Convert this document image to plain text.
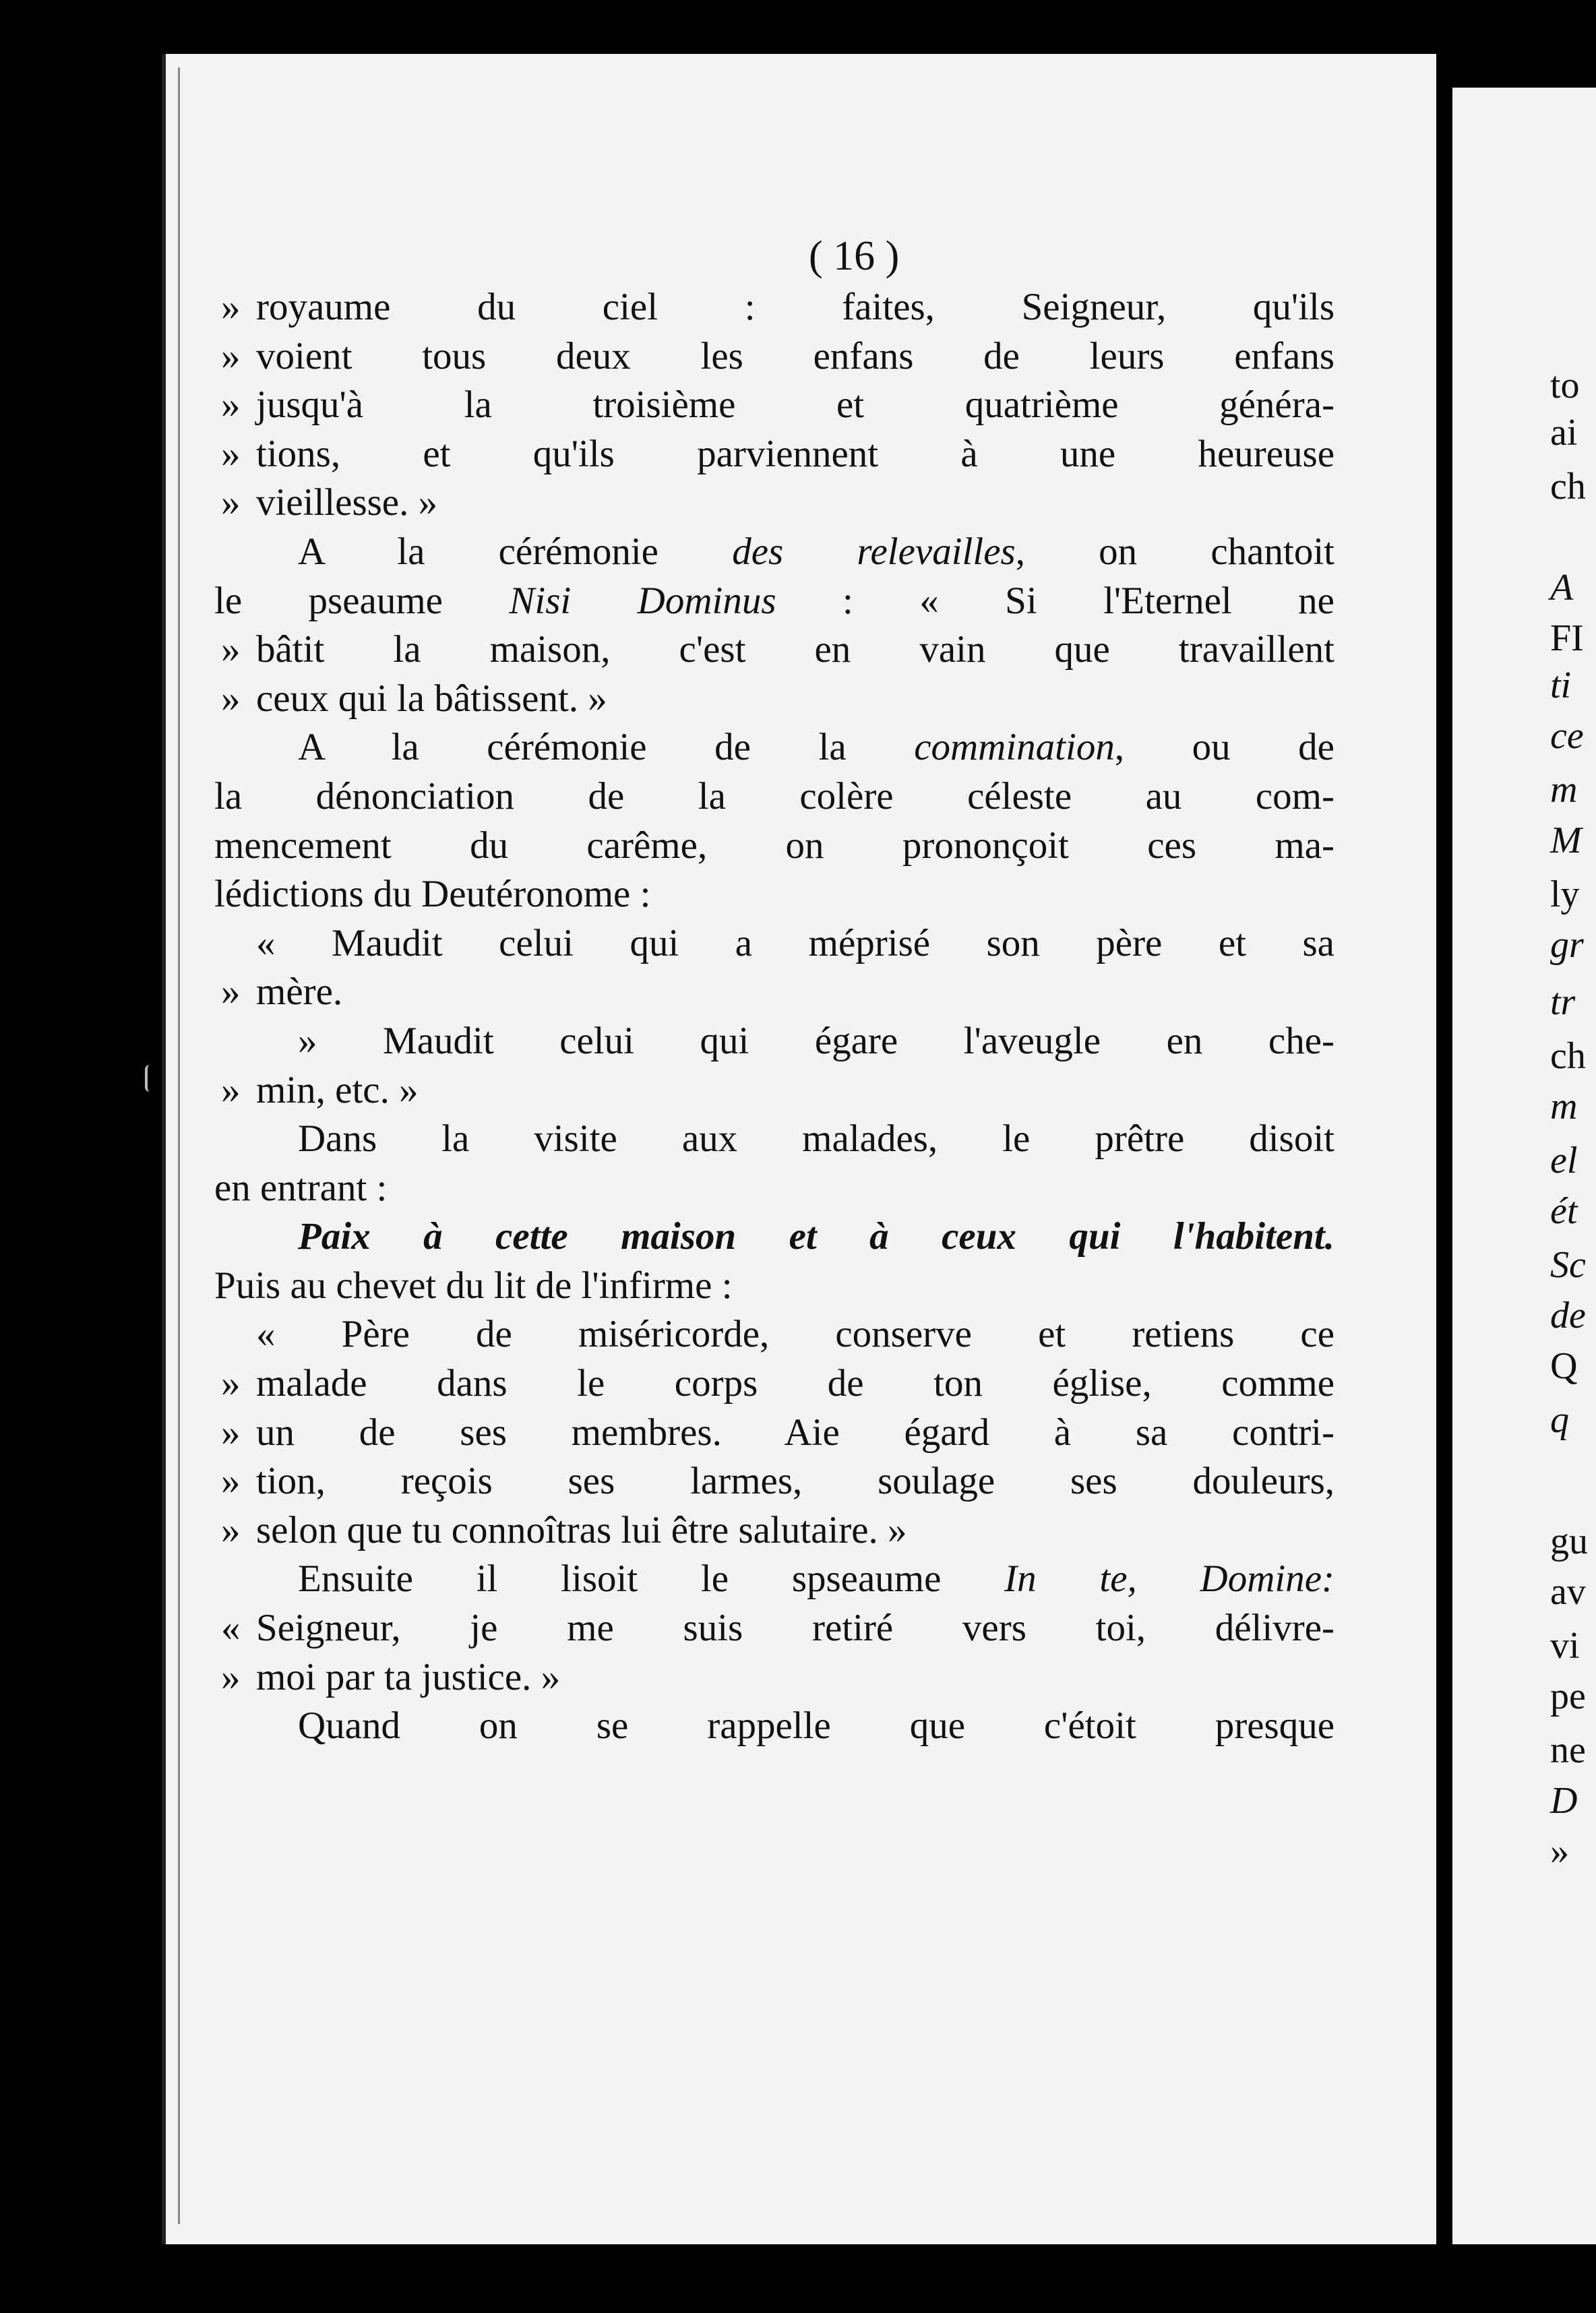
( 16 )
» royaume du ciel : faites, Seigneur, qu'ils
» voient tous deux les enfans de leurs enfans
» jusqu'à la troisième et quatrième généra-
» tions, et qu'ils parviennent à une heureuse
» vieillesse. »
A la cérémonie des relevailles, on chantoit
le pseaume Nisi Dominus : « Si l'Eternel ne
» bâtit la maison, c'est en vain que travaillent
» ceux qui la bâtissent. »
A la cérémonie de la commination, ou de
la dénonciation de la colère céleste au com-
mencement du carême, on prononçoit ces ma-
lédictions du Deutéronome :
« Maudit celui qui a méprisé son père et sa
» mère.
» Maudit celui qui égare l'aveugle en che-
» min, etc. »
Dans la visite aux malades, le prêtre disoit
en entrant :
Paix à cette maison et à ceux qui l'habitent.
Puis au chevet du lit de l'infirme :
« Père de miséricorde, conserve et retiens ce
» malade dans le corps de ton église, comme
» un de ses membres. Aie égard à sa contri-
» tion, reçois ses larmes, soulage ses douleurs,
» selon que tu connoîtras lui être salutaire. »
Ensuite il lisoit le spseaume In te, Domine:
« Seigneur, je me suis retiré vers toi, délivre-
» moi par ta justice. »
Quand on se rappelle que c'étoit presque
to
ai
ch
A
FI
ti
ce
m
M
ly
gr
tr
ch
m
el
ét
Sc
de
Q
q
gu
av
vi
pe
ne
D
»
